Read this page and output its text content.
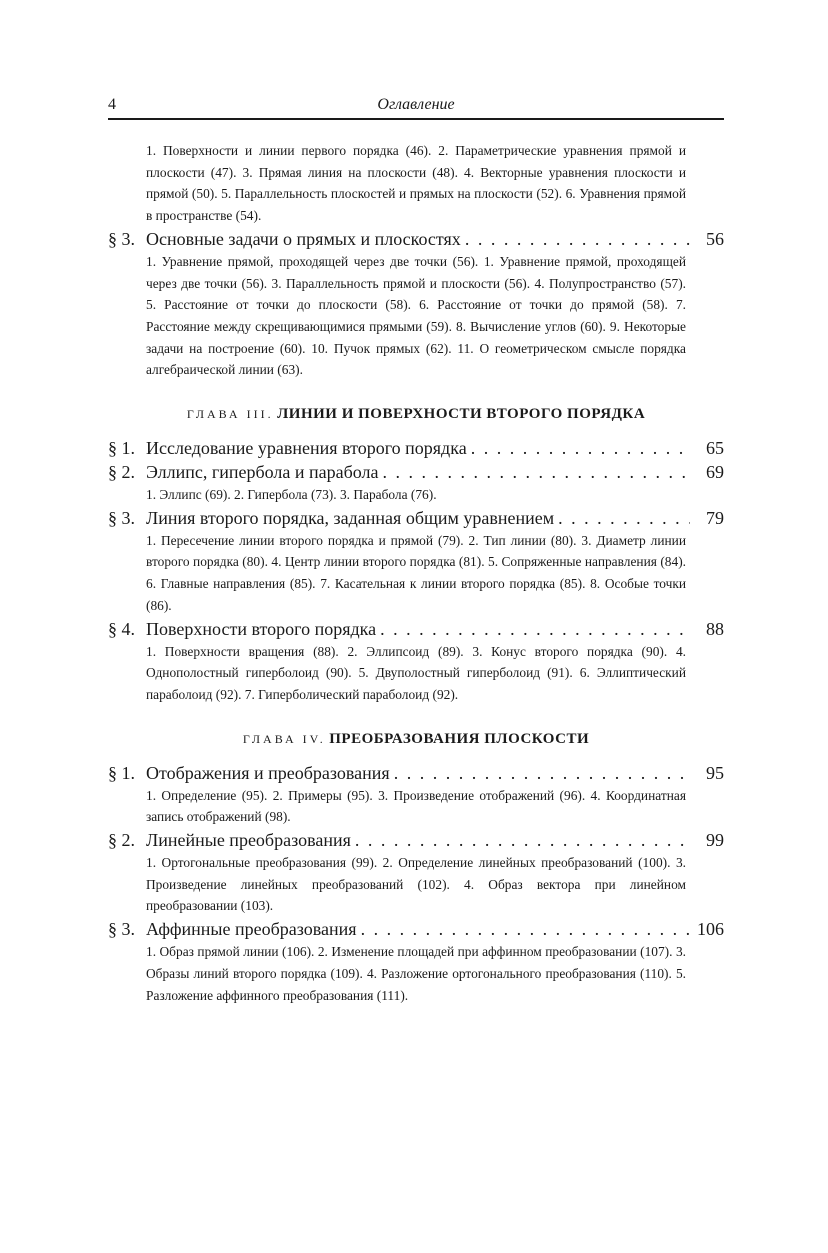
4	Оглавление
1. Поверхности и линии первого порядка (46). 2. Параметрические уравнения прямой и плоскости (47). 3. Прямая линия на плоскости (48). 4. Векторные уравнения плоскости и прямой (50). 5. Параллельность плоскостей и прямых на плоскости (52). 6. Уравнения прямой в пространстве (54).
§ 3. Основные задачи о прямых и плоскостях . . .	56
1. Уравнение прямой, проходящей через две точки (56). 1. Уравнение прямой, проходящей через две точки (56). 3. Параллельность прямой и плоскости (56). 4. Полупространство (57). 5. Расстояние от точки до плоскости (58). 6. Расстояние от точки до прямой (58). 7. Расстояние между скрещивающимися прямыми (59). 8. Вычисление углов (60). 9. Некоторые задачи на построение (60). 10. Пучок прямых (62). 11. О геометрическом смысле порядка алгебраической линии (63).
ГЛАВА III. ЛИНИИ И ПОВЕРХНОСТИ ВТОРОГО ПОРЯДКА
§ 1. Исследование уравнения второго порядка . . .	65
§ 2. Эллипс, гипербола и парабола . . .	69
1. Эллипс (69). 2. Гипербола (73). 3. Парабола (76).
§ 3. Линия второго порядка, заданная общим уравнением . . .	79
1. Пересечение линии второго порядка и прямой (79). 2. Тип линии (80). 3. Диаметр линии второго порядка (80). 4. Центр линии второго порядка (81). 5. Сопряженные направления (84). 6. Главные направления (85). 7. Касательная к линии второго порядка (85). 8. Особые точки (86).
§ 4. Поверхности второго порядка . . .	88
1. Поверхности вращения (88). 2. Эллипсоид (89). 3. Конус второго порядка (90). 4. Однополостный гиперболоид (90). 5. Двуполостный гиперболоид (91). 6. Эллиптический параболоид (92). 7. Гиперболический параболоид (92).
ГЛАВА IV. ПРЕОБРАЗОВАНИЯ ПЛОСКОСТИ
§ 1. Отображения и преобразования . . .	95
1. Определение (95). 2. Примеры (95). 3. Произведение отображений (96). 4. Координатная запись отображений (98).
§ 2. Линейные преобразования . . .	99
1. Ортогональные преобразования (99). 2. Определение линейных преобразований (100). 3. Произведение линейных преобразований (102). 4. Образ вектора при линейном преобразовании (103).
§ 3. Аффинные преобразования . . .	106
1. Образ прямой линии (106). 2. Изменение площадей при аффинном преобразовании (107). 3. Образы линий второго порядка (109). 4. Разложение ортогонального преобразования (110). 5. Разложение аффинного преобразования (111).
